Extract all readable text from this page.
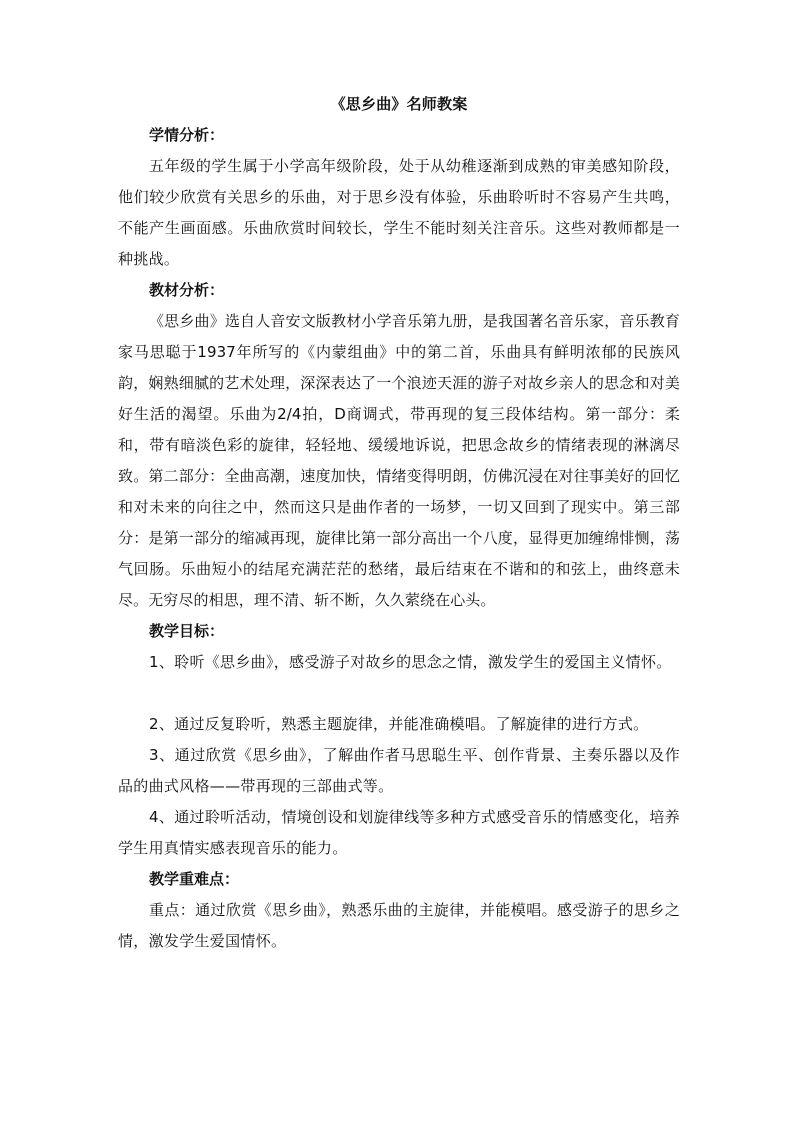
《思乡曲》名师教案

学情分析：

五年级的学生属于小学高年级阶段，处于从幼稚逐渐到成熟的审美感知阶段，他们较少欣赏有关思乡的乐曲，对于思乡没有体验，乐曲聆听时不容易产生共鸣，不能产生画面感。乐曲欣赏时间较长，学生不能时刻关注音乐。这些对教师都是一种挑战。

教材分析：

《思乡曲》选自人音安文版教材小学音乐第九册，是我国著名音乐家，音乐教育家马思聪于1937年所写的《内蒙组曲》中的第二首，乐曲具有鲜明浓郁的民族风韵，娴熟细腻的艺术处理，深深表达了一个浪迹天涯的游子对故乡亲人的思念和对美好生活的渴望。乐曲为2/4拍，D商调式，带再现的复三段体结构。第一部分：柔和，带有暗淡色彩的旋律，轻轻地、缓缓地诉说，把思念故乡的情绪表现的淋漓尽致。第二部分：全曲高潮，速度加快，情绪变得明朗，仿佛沉浸在对往事美好的回忆和对未来的向往之中，然而这只是曲作者的一场梦，一切又回到了现实中。第三部分：是第一部分的缩减再现，旋律比第一部分高出一个八度，显得更加缠绵悱恻，荡气回肠。乐曲短小的结尾充满茫茫的愁绪，最后结束在不谐和的和弦上，曲终意未尽。无穷尽的相思，理不清、斩不断，久久萦绕在心头。

教学目标：

1、聆听《思乡曲》，感受游子对故乡的思念之情，激发学生的爱国主义情怀。

2、通过反复聆听，熟悉主题旋律，并能准确模唱。了解旋律的进行方式。

3、通过欣赏《思乡曲》，了解曲作者马思聪生平、创作背景、主奏乐器以及作品的曲式风格——带再现的三部曲式等。

4、通过聆听活动，情境创设和划旋律线等多种方式感受音乐的情感变化，培养学生用真情实感表现音乐的能力。

教学重难点：

重点：通过欣赏《思乡曲》，熟悉乐曲的主旋律，并能模唱。感受游子的思乡之情，激发学生爱国情怀。
